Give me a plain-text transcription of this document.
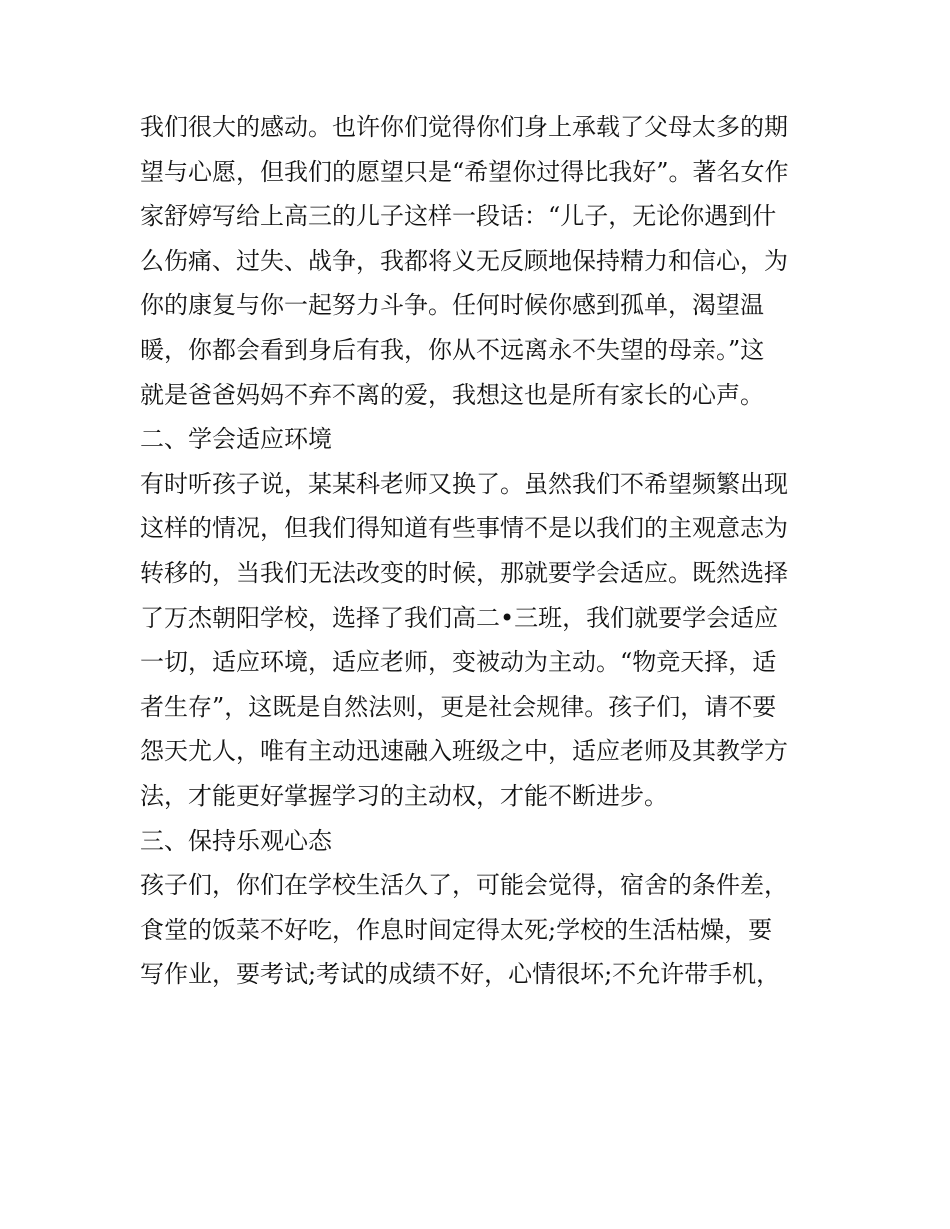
我们很大的感动。也许你们觉得你们身上承载了父母太多的期
望与心愿，但我们的愿望只是“希望你过得比我好”。著名女作
家舒婷写给上高三的儿子这样一段话：“儿子，无论你遇到什
么伤痛、过失、战争，我都将义无反顾地保持精力和信心，为
你的康复与你一起努力斗争。任何时候你感到孤单，渴望温
暖，你都会看到身后有我，你从不远离永不失望的母亲。”这
就是爸爸妈妈不弃不离的爱，我想这也是所有家长的心声。
二、学会适应环境
有时听孩子说，某某科老师又换了。虽然我们不希望频繁出现
这样的情况，但我们得知道有些事情不是以我们的主观意志为
转移的，当我们无法改变的时候，那就要学会适应。既然选择
了万杰朝阳学校，选择了我们高二•三班，我们就要学会适应
一切，适应环境，适应老师，变被动为主动。“物竞天择，适
者生存”，这既是自然法则，更是社会规律。孩子们，请不要
怨天尤人，唯有主动迅速融入班级之中，适应老师及其教学方
法，才能更好掌握学习的主动权，才能不断进步。
三、保持乐观心态
孩子们，你们在学校生活久了，可能会觉得，宿舍的条件差，
食堂的饭菜不好吃，作息时间定得太死;学校的生活枯燥，要
写作业，要考试;考试的成绩不好，心情很坏;不允许带手机，
